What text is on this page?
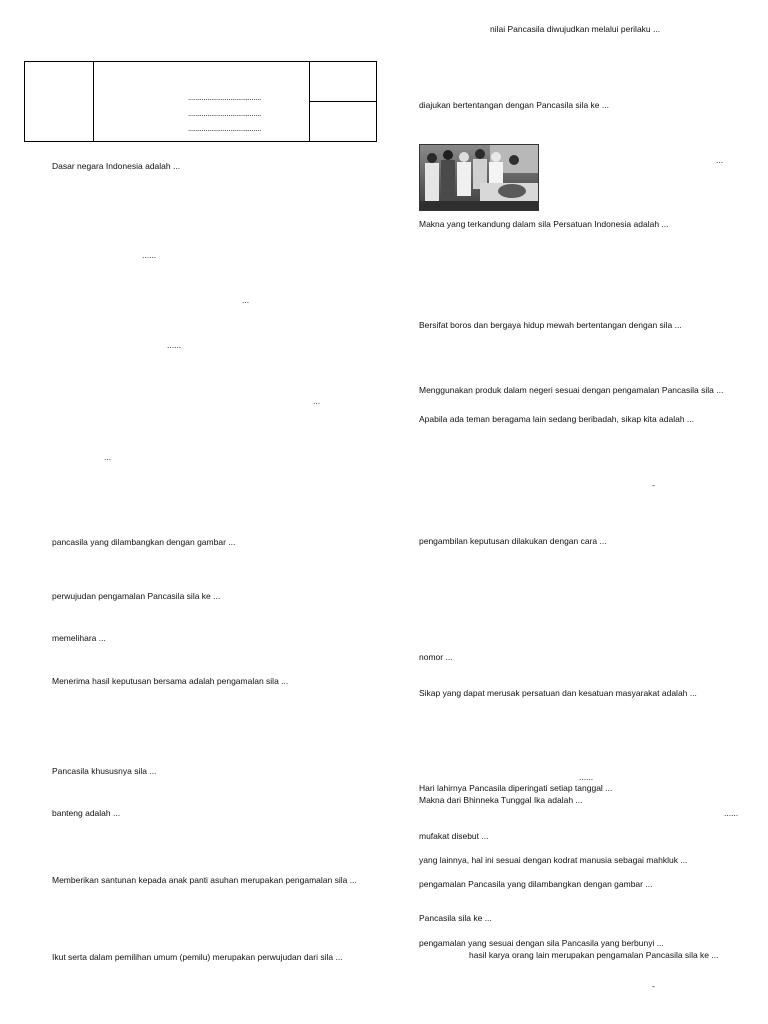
......................................
......................................
......................................
Dasar negara Indonesia adalah ...
......
...
......
...
...
pancasila yang dilambangkan dengan gambar ...
perwujudan pengamalan Pancasila sila ke ...
memelihara ...
Menerima hasil keputusan bersama adalah pengamalan sila ...
Pancasila khususnya sila ...
banteng adalah ...
Memberikan santunan kepada anak panti asuhan merupakan pengamalan sila ...
Ikut serta dalam pemilihan umum (pemilu) merupakan perwujudan dari sila ...
nilai Pancasila diwujudkan melalui perilaku ...
diajukan bertentangan dengan Pancasila sila ke ...
...
Makna yang terkandung dalam sila Persatuan Indonesia adalah ...
Bersifat boros dan bergaya hidup mewah bertentangan dengan sila ...
Menggunakan produk dalam negeri sesuai dengan pengamalan Pancasila sila ...
Apabila ada teman beragama lain sedang beribadah, sikap kita adalah ...
-
pengambilan keputusan dilakukan dengan cara ...
nomor ...
Sikap yang dapat merusak persatuan dan kesatuan masyarakat adalah ...
......
Hari lahirnya Pancasila diperingati setiap tanggal ...
Makna dari Bhinneka Tunggal Ika adalah ...
......
mufakat disebut ...
yang lainnya, hal ini sesuai dengan kodrat manusia sebagai mahkluk ...
pengamalan Pancasila yang dilambangkan dengan gambar ...
Pancasila sila ke ...
pengamalan yang sesuai dengan sila Pancasila yang berbunyi ...
hasil karya orang lain merupakan pengamalan Pancasila sila ke ...
-
